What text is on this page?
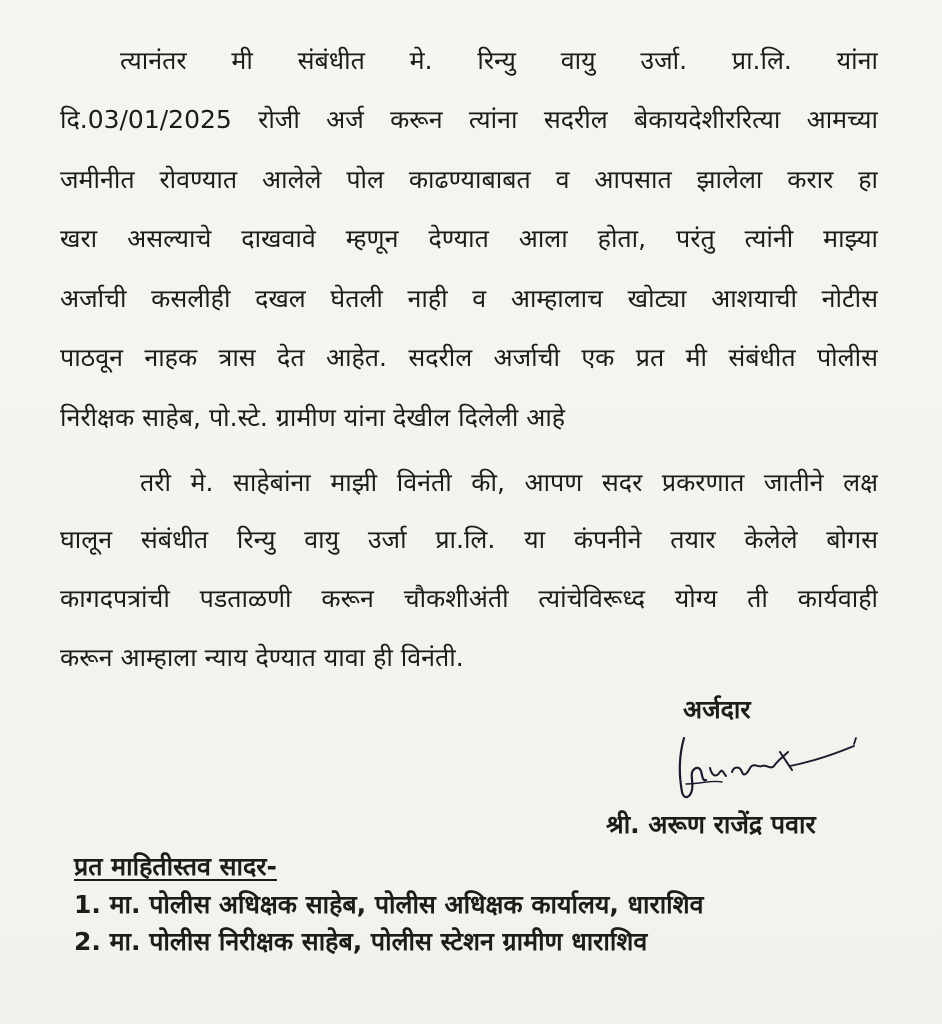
त्यानंतर मी संबंधीत मे. रिन्यु वायु उर्जा. प्रा.लि. यांना
दि.03/01/2025 रोजी अर्ज करून त्यांना सदरील बेकायदेशीररित्या आमच्या
जमीनीत रोवण्यात आलेले पोल काढण्याबाबत व आपसात झालेला करार हा
खरा असल्याचे दाखवावे म्हणून देण्यात आला होता, परंतु त्यांनी माझ्या
अर्जाची कसलीही दखल घेतली नाही व आम्हालाच खोट्या आशयाची नोटीस
पाठवून नाहक त्रास देत आहेत. सदरील अर्जाची एक प्रत मी संबंधीत पोलीस
निरीक्षक साहेब, पो.स्टे. ग्रामीण यांना देखील दिलेली आहे
तरी मे. साहेबांना माझी विनंती की, आपण सदर प्रकरणात जातीने लक्ष
घालून संबंधीत रिन्यु वायु उर्जा प्रा.लि. या कंपनीने तयार केलेले बोगस
कागदपत्रांची पडताळणी करून चौकशीअंती त्यांचेविरूध्द योग्य ती कार्यवाही
करून आम्हाला न्याय देण्यात यावा ही विनंती.
अर्जदार
श्री. अरूण राजेंद्र पवार
प्रत माहितीस्तव सादर-
1. मा. पोलीस अधिक्षक साहेब, पोलीस अधिक्षक कार्यालय, धाराशिव
2. मा. पोलीस निरीक्षक साहेब, पोलीस स्टेशन ग्रामीण धाराशिव
